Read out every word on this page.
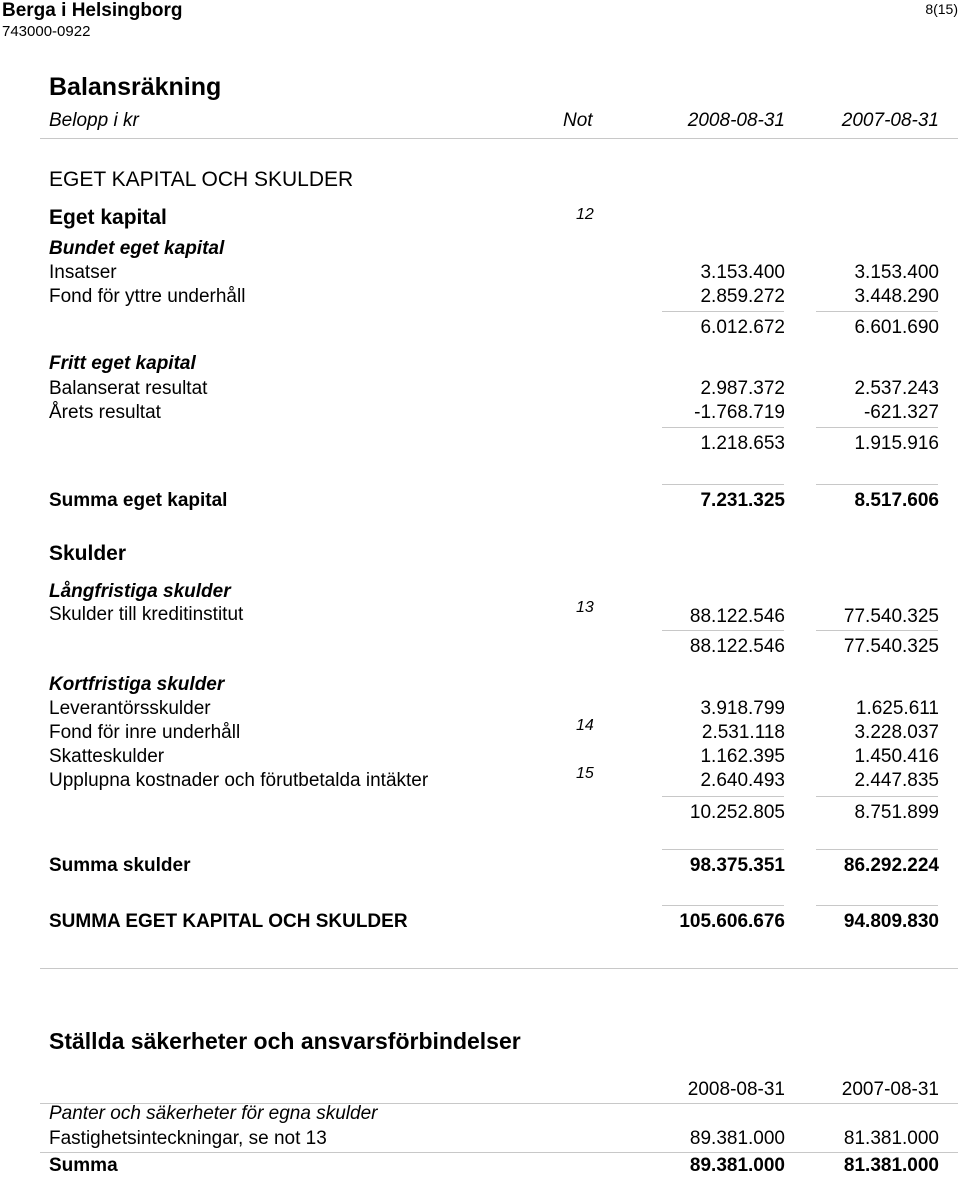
Berga i Helsingborg
743000-0922
8(15)
Balansräkning
Belopp i kr	Not	2008-08-31	2007-08-31
EGET KAPITAL OCH SKULDER
Eget kapital	12
Bundet eget kapital
Insatser	3.153.400	3.153.400
Fond för yttre underhåll	2.859.272	3.448.290
6.012.672	6.601.690
Fritt eget kapital
Balanserat resultat	2.987.372	2.537.243
Årets resultat	-1.768.719	-621.327
1.218.653	1.915.916
Summa eget kapital	7.231.325	8.517.606
Skulder
Långfristiga skulder
Skulder till kreditinstitut	13	88.122.546	77.540.325
88.122.546	77.540.325
Kortfristiga skulder
Leverantörsskulder	3.918.799	1.625.611
Fond för inre underhåll	14	2.531.118	3.228.037
Skatteskulder	1.162.395	1.450.416
Upplupna kostnader och förutbetalda intäkter	15	2.640.493	2.447.835
10.252.805	8.751.899
Summa skulder	98.375.351	86.292.224
SUMMA EGET KAPITAL OCH SKULDER	105.606.676	94.809.830
Ställda säkerheter och ansvarsförbindelser
2008-08-31	2007-08-31
Panter och säkerheter för egna skulder
Fastighetsinteckningar, se not 13	89.381.000	81.381.000
Summa	89.381.000	81.381.000
